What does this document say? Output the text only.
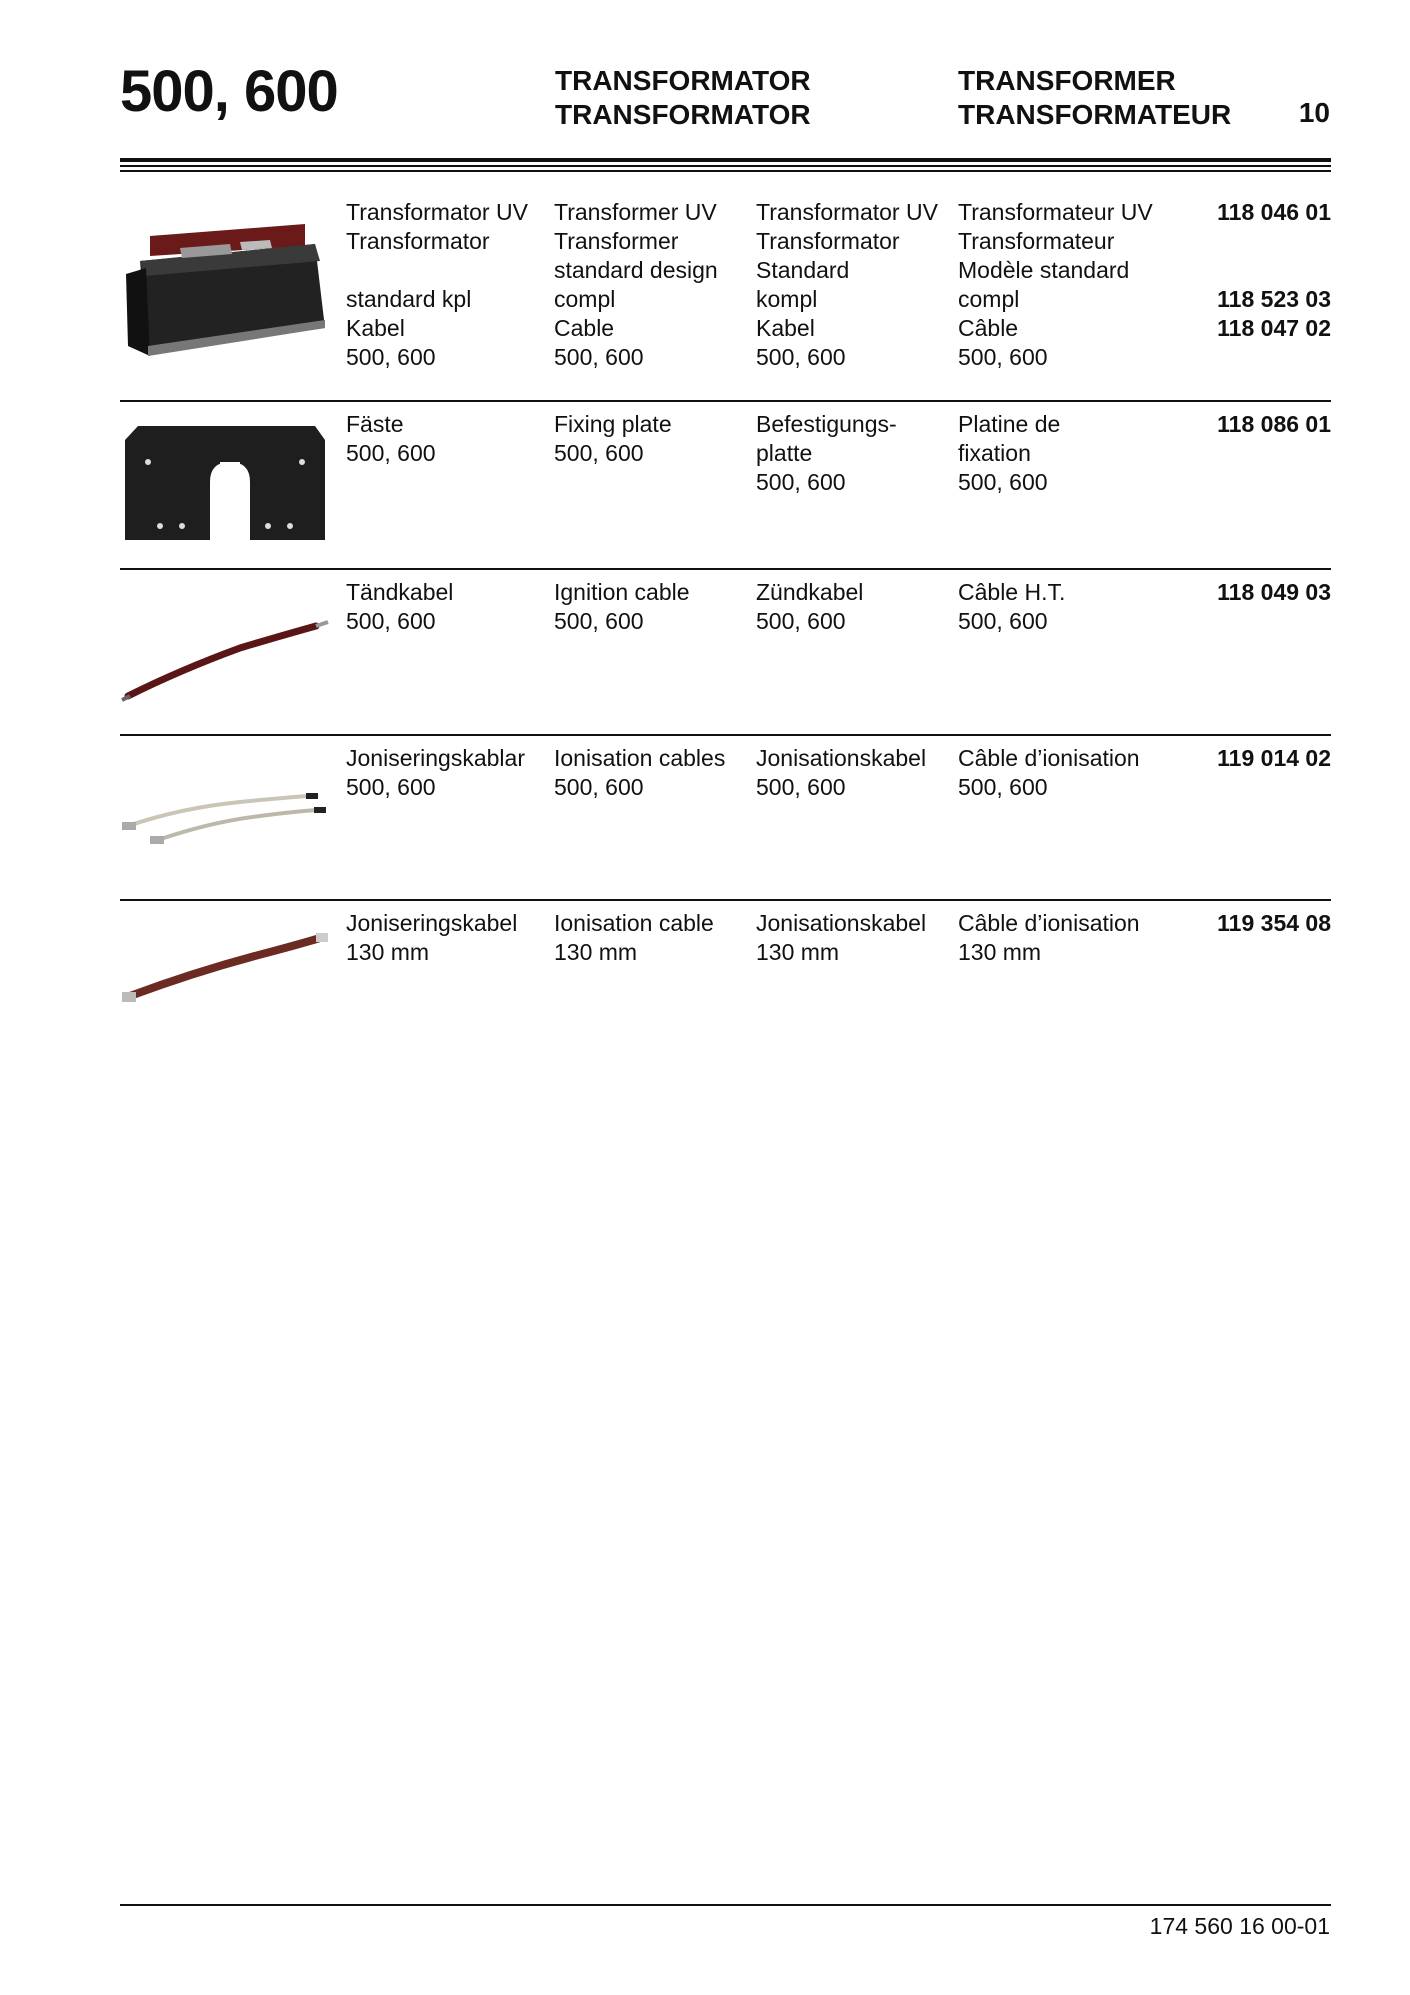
500, 600	TRANSFORMATOR
TRANSFORMATOR
TRANSFORMER
TRANSFORMATEUR 10
Transformator UV
Transformator
standard kpl
Kabel
500, 600
Transformer UV
Transformer
standard design
compl
Cable
500, 600
Transformator UV
Transformator
Standard
kompl
Kabel
500, 600
Transformateur UV
Transformateur
Modèle standard
compl
Câble
500, 600
118 046 01
118 523 03
118 047 02
Fäste
500, 600
Fixing plate
500, 600
Befestigungs-
platte
500, 600
Platine de
fixation
500, 600
118 086 01
Tändkabel
500, 600
Ignition cable
500, 600
Zündkabel
500, 600
Câble H.T.
500, 600
118 049 03
Joniseringskablar
500, 600
Ionisation cables
500, 600
Jonisationskabel
500, 600
Câble d’ionisation
500, 600
119 014 02
Joniseringskabel
130 mm
Ionisation cable
130 mm
Jonisationskabel
130 mm
Câble d’ionisation
130 mm
119 354 08
174 560 16 00-01
